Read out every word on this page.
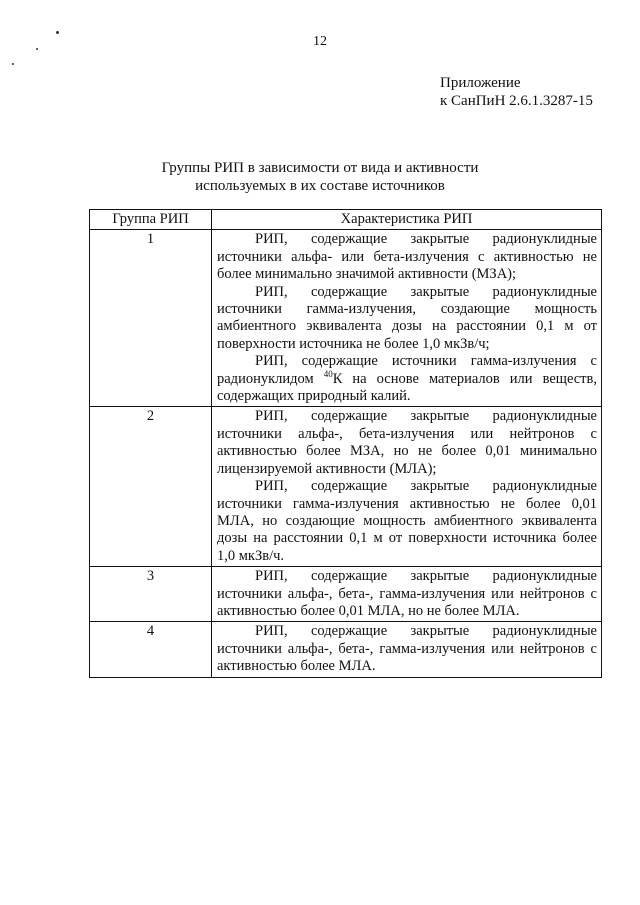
12
Приложение
к СанПиН 2.6.1.3287-15
Группы РИП в зависимости от вида и активности
используемых в их составе источников
Группа РИП	Характеристика РИП
1	РИП, содержащие закрытые радионуклидные источники альфа- или бета-излучения с активностью не более минимально значимой активности (МЗА);

РИП, содержащие закрытые радионуклидные источники гамма-излучения, создающие мощность амбиентного эквивалента дозы на расстоянии 0,1 м от поверхности источника не более 1,0 мкЗв/ч;

РИП, содержащие источники гамма-излучения с радионуклидом $^{40}$К на основе материалов или веществ, содержащих природный калий.

2	РИП, содержащие закрытые радионуклидные источники альфа-, бета-излучения или нейтронов с активностью более МЗА, но не более 0,01 минимально лицензируемой активности (МЛА);

РИП, содержащие закрытые радионуклидные источники гамма-излучения активностью не более 0,01 МЛА, но создающие мощность амбиентного эквивалента дозы на расстоянии 0,1 м от поверхности источника более 1,0 мкЗв/ч.

3	РИП, содержащие закрытые радионуклидные источники альфа-, бета-, гамма-излучения или нейтронов с активностью более 0,01 МЛА, но не более МЛА.

4	РИП, содержащие закрытые радионуклидные источники альфа-, бета-, гамма-излучения или нейтронов с активностью более МЛА.
